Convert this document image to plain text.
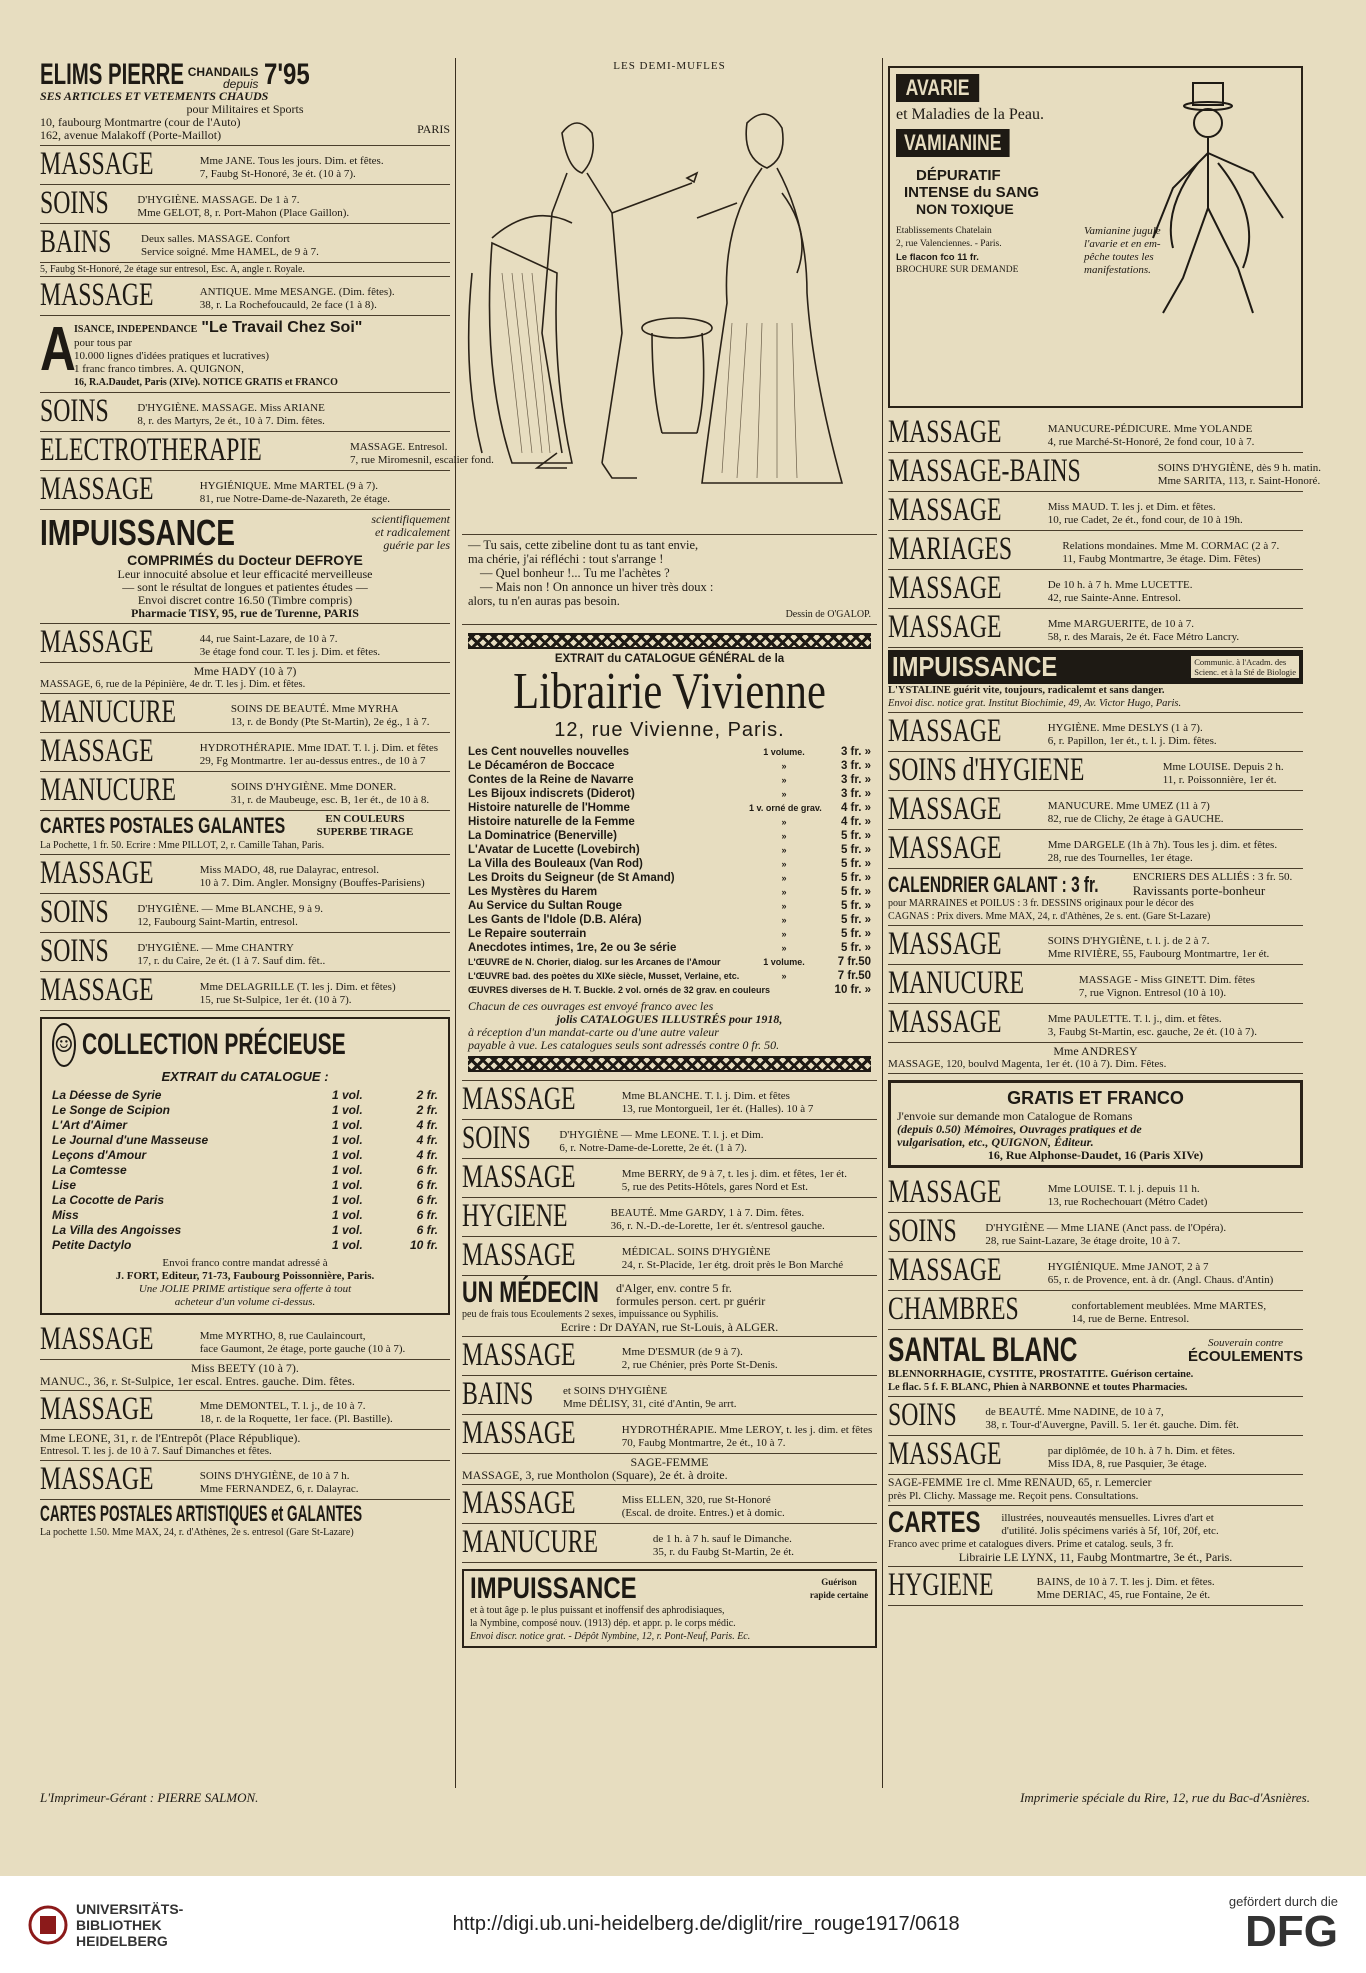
ELIMS PIERRE CHANDAILS
depuis 7'95
SES ARTICLES ET VETEMENTS CHAUDS
pour Militaires et Sports
10, faubourg Montmartre (cour de l'Auto)
162, avenue Malakoff (Porte-Maillot)	PARIS
MASSAGE	Mme JANE. Tous les jours. Dim. et fêtes.
7, Faubg St-Honoré, 3e ét. (10 à 7).
SOINS	D'HYGIÈNE. MASSAGE. De 1 à 7.
Mme GELOT, 8, r. Port-Mahon (Place Gaillon).
BAINS	Deux salles. MASSAGE. Confort
Service soigné. Mme HAMEL, de 9 à 7.
5, Faubg St-Honoré, 2e étage sur entresol, Esc. A, angle r. Royale.
MASSAGE	ANTIQUE. Mme MESANGE. (Dim. fêtes).
38, r. La Rochefoucauld, 2e face (1 à 8).
A
ISANCE, INDEPENDANCE "Le Travail Chez Soi"
pour tous par
10.000 lignes d'idées pratiques et lucratives)
1 franc franco timbres. A. QUIGNON,
16, R.A.Daudet, Paris (XIVe). NOTICE GRATIS et FRANCO
SOINS	D'HYGIÈNE. MASSAGE. Miss ARIANE
8, r. des Martyrs, 2e ét., 10 à 7. Dim. fêtes.
ELECTROTHERAPIE	MASSAGE. Entresol.
7, rue Miromesnil, escalier fond.
MASSAGE	HYGIÉNIQUE. Mme MARTEL (9 à 7).
81, rue Notre-Dame-de-Nazareth, 2e étage.
IMPUISSANCE	scientifiquement
et radicalement
guérie par les
COMPRIMÉS du Docteur DEFROYE
Leur innocuité absolue et leur efficacité merveilleuse
— sont le résultat de longues et patientes études —
Envoi discret contre 16.50 (Timbre compris)
Pharmacie TISY, 95, rue de Turenne, PARIS
MASSAGE	44, rue Saint-Lazare, de 10 à 7.
3e étage fond cour. T. les j. Dim. et fêtes.
Mme HADY (10 à 7)
MASSAGE, 6, rue de la Pépinière, 4e dr. T. les j. Dim. et fêtes.
MANUCURE	SOINS DE BEAUTÉ. Mme MYRHA
13, r. de Bondy (Pte St-Martin), 2e ég., 1 à 7.
MASSAGE	HYDROTHÉRAPIE. Mme IDAT. T. l. j. Dim. et fêtes
29, Fg Montmartre. 1er au-dessus entres., de 10 à 7
MANUCURE	SOINS D'HYGIÈNE. Mme DONER.
31, r. de Maubeuge, esc. B, 1er ét., de 10 à 8.
CARTES POSTALES GALANTES	EN COULEURS
SUPERBE TIRAGE
La Pochette, 1 fr. 50. Ecrire : Mme PILLOT, 2, r. Camille Tahan, Paris.
MASSAGE	Miss MADO, 48, rue Dalayrac, entresol.
10 à 7. Dim. Angler. Monsigny (Bouffes-Parisiens)
SOINS	D'HYGIÈNE. — Mme BLANCHE, 9 à 9.
12, Faubourg Saint-Martin, entresol.
SOINS	D'HYGIÈNE. — Mme CHANTRY
17, r. du Caire, 2e ét. (1 à 7. Sauf dim. fêt..
MASSAGE	Mme DELAGRILLE (T. les j. Dim. et fêtes)
15, rue St-Sulpice, 1er ét. (10 à 7).
☺ COLLECTION PRÉCIEUSE
EXTRAIT du CATALOGUE :
La Déesse de Syrie	1 vol.	2 fr.
Le Songe de Scipion	1 vol.	2 fr.
L'Art d'Aimer	1 vol.	4 fr.
Le Journal d'une Masseuse	1 vol.	4 fr.
Leçons d'Amour	1 vol.	4 fr.
La Comtesse	1 vol.	6 fr.
Lise	1 vol.	6 fr.
La Cocotte de Paris	1 vol.	6 fr.
Miss	1 vol.	6 fr.
La Villa des Angoisses	1 vol.	6 fr.
Petite Dactylo	1 vol.	10 fr.
Envoi franco contre mandat adressé à
J. FORT, Editeur, 71-73, Faubourg Poissonnière, Paris.
Une JOLIE PRIME artistique sera offerte à tout
acheteur d'un volume ci-dessus.
MASSAGE	Mme MYRTHO, 8, rue Caulaincourt,
face Gaumont, 2e étage, porte gauche (10 à 7).
Miss BEETY (10 à 7).
MANUC., 36, r. St-Sulpice, 1er escal. Entres. gauche. Dim. fêtes.
MASSAGE	Mme DEMONTEL, T. l. j., de 10 à 7.
18, r. de la Roquette, 1er face. (Pl. Bastille).
Mme LEONE, 31, r. de l'Entrepôt (Place République).
Entresol. T. les j. de 10 à 7. Sauf Dimanches et fêtes.
MASSAGE	SOINS D'HYGIÈNE, de 10 à 7 h.
Mme FERNANDEZ, 6, r. Dalayrac.
CARTES POSTALES ARTISTIQUES et GALANTES
La pochette 1.50. Mme MAX, 24, r. d'Athènes, 2e s. entresol (Gare St-Lazare)
LES DEMI-MUFLES
— Tu sais, cette zibeline dont tu as tant envie,
ma chérie, j'ai réfléchi : tout s'arrange !
— Quel bonheur !... Tu me l'achètes ?
— Mais non ! On annonce un hiver très doux :
alors, tu n'en auras pas besoin.
Dessin de O'GALOP.
EXTRAIT du CATALOGUE GÉNÉRAL de la
Librairie Vivienne
12, rue Vivienne, Paris.
Les Cent nouvelles nouvelles	1 volume.	3 fr. »
Le Décaméron de Boccace	»	3 fr. »
Contes de la Reine de Navarre	»	3 fr. »
Les Bijoux indiscrets (Diderot)	»	3 fr. »
Histoire naturelle de l'Homme	1 v. orné de grav.	4 fr. »
Histoire naturelle de la Femme	»	4 fr. »
La Dominatrice (Benerville)	»	5 fr. »
L'Avatar de Lucette (Lovebirch)	»	5 fr. »
La Villa des Bouleaux (Van Rod)	»	5 fr. »
Les Droits du Seigneur (de St Amand)	»	5 fr. »
Les Mystères du Harem	»	5 fr. »
Au Service du Sultan Rouge	»	5 fr. »
Les Gants de l'Idole (D.B. Aléra)	»	5 fr. »
Le Repaire souterrain	»	5 fr. »
Anecdotes intimes, 1re, 2e ou 3e série	»	5 fr. »
L'ŒUVRE de N. Chorier, dialog. sur les Arcanes de l'Amour	1 volume.	7 fr.50
L'ŒUVRE bad. des poètes du XIXe siècle, Musset, Verlaine, etc.	»	7 fr.50
ŒUVRES diverses de H. T. Buckle. 2 vol. ornés de 32 grav. en couleurs	10 fr. »
Chacun de ces ouvrages est envoyé franco avec les
jolis CATALOGUES ILLUSTRÉS pour 1918,
à réception d'un mandat-carte ou d'une autre valeur
payable à vue. Les catalogues seuls sont adressés contre 0 fr. 50.
MASSAGE	Mme BLANCHE. T. l. j. Dim. et fêtes
13, rue Montorgueil, 1er ét. (Halles). 10 à 7
SOINS	D'HYGIÈNE — Mme LEONE. T. l. j. et Dim.
6, r. Notre-Dame-de-Lorette, 2e ét. (1 à 7).
MASSAGE	Mme BERRY, de 9 à 7, t. les j. dim. et fêtes, 1er ét.
5, rue des Petits-Hôtels, gares Nord et Est.
HYGIENE	BEAUTÉ. Mme GARDY, 1 à 7. Dim. fêtes.
36, r. N.-D.-de-Lorette, 1er ét. s/entresol gauche.
MASSAGE	MÉDICAL. SOINS D'HYGIÈNE
24, r. St-Placide, 1er étg. droit près le Bon Marché
UN MÉDECIN d'Alger, env. contre 5 fr.
formules person. cert. pr guérir
peu de frais tous Ecoulements 2 sexes, impuissance ou Syphilis.
Ecrire : Dr DAYAN, rue St-Louis, à ALGER.
MASSAGE	Mme D'ESMUR (de 9 à 7).
2, rue Chénier, près Porte St-Denis.
BAINS	et SOINS D'HYGIÈNE
Mme DÉLISY, 31, cité d'Antin, 9e arrt.
MASSAGE	HYDROTHÉRAPIE. Mme LEROY, t. les j. dim. et fêtes
70, Faubg Montmartre, 2e ét., 10 à 7.
SAGE-FEMME
MASSAGE, 3, rue Montholon (Square), 2e ét. à droite.
MASSAGE	Miss ELLEN, 320, rue St-Honoré
(Escal. de droite. Entres.) et à domic.
MANUCURE	de 1 h. à 7 h. sauf le Dimanche.
35, r. du Faubg St-Martin, 2e ét.
IMPUISSANCE	Guérison rapide certaine
et à tout âge p. le plus puissant et inoffensif des aphrodisiaques,
la Nymbine, composé nouv. (1913) dép. et appr. p. le corps médic.
Envoi discr. notice grat. - Dépôt Nymbine, 12, r. Pont-Neuf, Paris. Ec.
AVARIE
et Maladies de la Peau.
VAMIANINE
DÉPURATIF
INTENSE du SANG
NON TOXIQUE
Etablissements Chatelain
2, rue Valenciennes. - Paris.
Le flacon fco 11 fr.
BROCHURE SUR DEMANDE
Vamianine jugule
l'avarie et en em-
pêche toutes les
manifestations.
MASSAGE	MANUCURE-PÉDICURE. Mme YOLANDE
4, rue Marché-St-Honoré, 2e fond cour, 10 à 7.
MASSAGE-BAINS	SOINS D'HYGIÈNE, dès 9 h. matin.
Mme SARITA, 113, r. Saint-Honoré.
MASSAGE	Miss MAUD. T. les j. et Dim. et fêtes.
10, rue Cadet, 2e ét., fond cour, de 10 à 19h.
MARIAGES	Relations mondaines. Mme M. CORMAC (2 à 7.
11, Faubg Montmartre, 3e étage. Dim. Fêtes)
MASSAGE	De 10 h. à 7 h. Mme LUCETTE.
42, rue Sainte-Anne. Entresol.
MASSAGE	Mme MARGUERITE, de 10 à 7.
58, r. des Marais, 2e ét. Face Métro Lancry.
IMPUISSANCE	Communic. à l'Acadm. des
Scienc. et à la Sté de Biologie
L'YSTALINE guérit vite, toujours, radicalemt et sans danger.
Envoi disc. notice grat. Institut Biochimie, 49, Av. Victor Hugo, Paris.
MASSAGE	HYGIÈNE. Mme DESLYS (1 à 7).
6, r. Papillon, 1er ét., t. l. j. Dim. fêtes.
SOINS d'HYGIENE	Mme LOUISE. Depuis 2 h.
11, r. Poissonnière, 1er ét.
MASSAGE	MANUCURE. Mme UMEZ (11 à 7)
82, rue de Clichy, 2e étage à GAUCHE.
MASSAGE	Mme DARGELE (1h à 7h). Tous les j. dim. et fêtes.
28, rue des Tournelles, 1er étage.
CALENDRIER GALANT : 3 fr.	ENCRIERS DES ALLIÉS : 3 fr. 50.
Ravissants porte-bonheur
pour MARRAINES et POILUS : 3 fr. DESSINS originaux pour le décor des
CAGNAS : Prix divers. Mme MAX, 24, r. d'Athènes, 2e s. ent. (Gare St-Lazare)
MASSAGE	SOINS D'HYGIÈNE, t. l. j. de 2 à 7.
Mme RIVIÈRE, 55, Faubourg Montmartre, 1er ét.
MANUCURE	MASSAGE - Miss GINETT. Dim. fêtes
7, rue Vignon. Entresol (10 à 10).
MASSAGE	Mme PAULETTE. T. l. j., dim. et fêtes.
3, Faubg St-Martin, esc. gauche, 2e ét. (10 à 7).
Mme ANDRESY
MASSAGE, 120, boulvd Magenta, 1er ét. (10 à 7). Dim. Fêtes.
GRATIS ET FRANCO
J'envoie sur demande mon Catalogue de Romans
(depuis 0.50) Mémoires, Ouvrages pratiques et de
vulgarisation, etc., QUIGNON, Éditeur.
16, Rue Alphonse-Daudet, 16 (Paris XIVe)
MASSAGE	Mme LOUISE. T. l. j. depuis 11 h.
13, rue Rochechouart (Métro Cadet)
SOINS	D'HYGIÈNE — Mme LIANE (Anct pass. de l'Opéra).
28, rue Saint-Lazare, 3e étage droite, 10 à 7.
MASSAGE	HYGIÉNIQUE. Mme JANOT, 2 à 7
65, r. de Provence, ent. à dr. (Angl. Chaus. d'Antin)
CHAMBRES	confortablement meublées. Mme MARTES,
14, rue de Berne. Entresol.
SANTAL BLANC	Souverain contre
ÉCOULEMENTS
BLENNORRHAGIE, CYSTITE, PROSTATITE. Guérison certaine.
Le flac. 5 f. F. BLANC, Phien à NARBONNE et toutes Pharmacies.
SOINS	de BEAUTÉ. Mme NADINE, de 10 à 7,
38, r. Tour-d'Auvergne, Pavill. 5. 1er ét. gauche. Dim. fêt.
MASSAGE	par diplômée, de 10 h. à 7 h. Dim. et fêtes.
Miss IDA, 8, rue Pasquier, 3e étage.
SAGE-FEMME 1re cl. Mme RENAUD, 65, r. Lemercier
près Pl. Clichy. Massage me. Reçoit pens. Consultations.
CARTES illustrées, nouveautés mensuelles. Livres d'art et
d'utilité. Jolis spécimens variés à 5f, 10f, 20f, etc.
Franco avec prime et catalogues divers. Prime et catalog. seuls, 3 fr.
Librairie LE LYNX, 11, Faubg Montmartre, 3e ét., Paris.
HYGIENE	BAINS, de 10 à 7. T. les j. Dim. et fêtes.
Mme DERIAC, 45, rue Fontaine, 2e ét.
L'Imprimeur-Gérant : PIERRE SALMON.	Imprimerie spéciale du Rire, 12, rue du Bac-d'Asnières.
UNIVERSITÄTS-
BIBLIOTHEK
HEIDELBERG
http://digi.ub.uni-heidelberg.de/diglit/rire_rouge1917/0618
gefördert durch die
DFG
